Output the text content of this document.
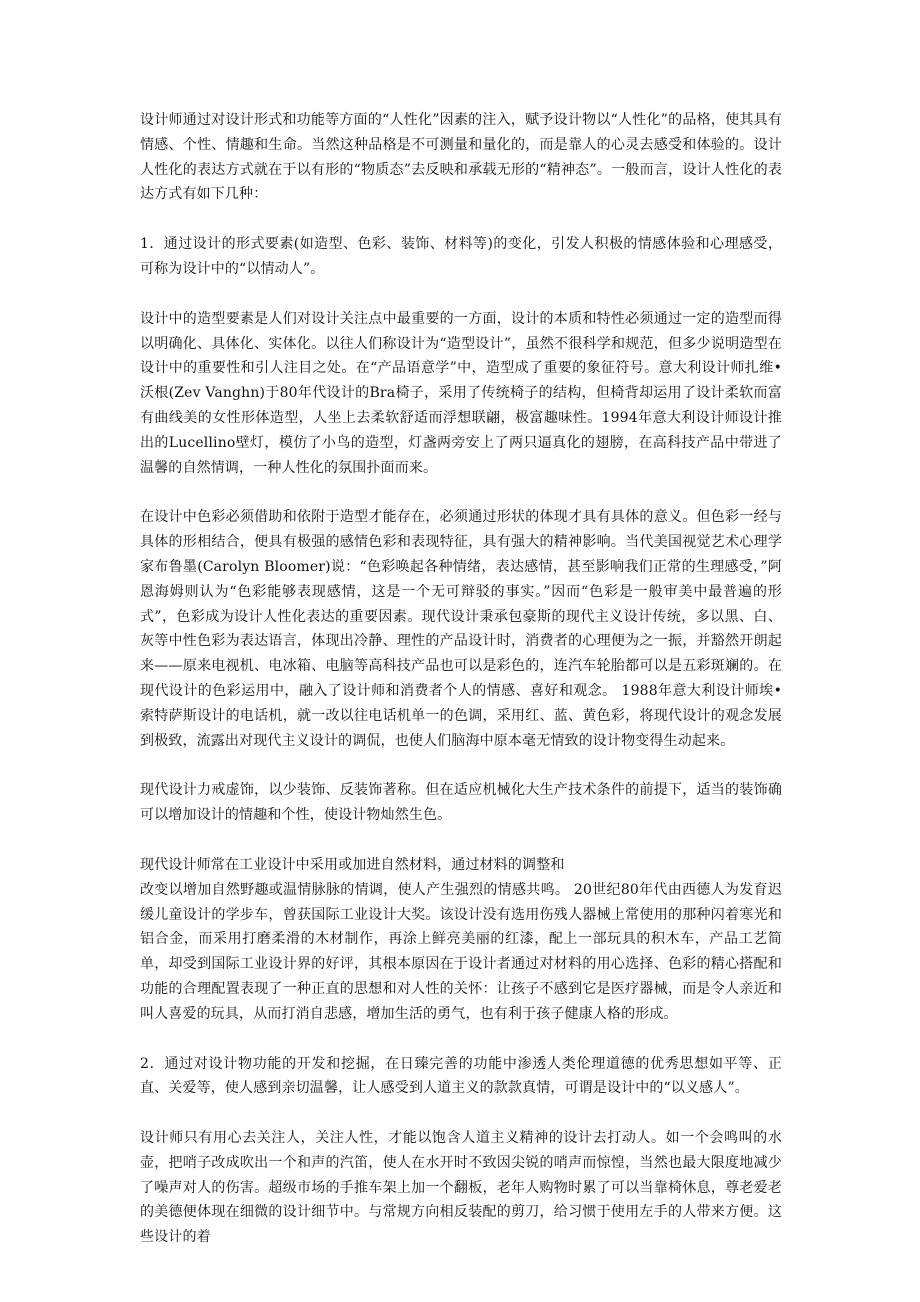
设计师通过对设计形式和功能等方面的“人性化”因素的注入，赋予设计物以“人性化”的品格，使其具有情感、个性、情趣和生命。当然这种品格是不可测量和量化的，而是靠人的心灵去感受和体验的。设计人性化的表达方式就在于以有形的“物质态”去反映和承载无形的“精神态”。一般而言，设计人性化的表达方式有如下几种：

1．通过设计的形式要素(如造型、色彩、装饰、材料等)的变化，引发人积极的情感体验和心理感受，可称为设计中的“以情动人”。

设计中的造型要素是人们对设计关注点中最重要的一方面，设计的本质和特性必须通过一定的造型而得以明确化、具体化、实体化。以往人们称设计为“造型设计”，虽然不很科学和规范，但多少说明造型在设计中的重要性和引人注目之处。在“产品语意学”中，造型成了重要的象征符号。意大利设计师扎维•沃根(Zev Vanghn)于80年代设计的Bra椅子，采用了传统椅子的结构，但椅背却运用了设计柔软而富有曲线美的女性形体造型，人坐上去柔软舒适而浮想联翩，极富趣味性。1994年意大利设计师设计推出的Lucellino壁灯，模仿了小鸟的造型，灯盏两旁安上了两只逼真化的翅膀，在高科技产品中带进了温馨的自然情调，一种人性化的氛围扑面而来。

在设计中色彩必须借助和依附于造型才能存在，必须通过形状的体现才具有具体的意义。但色彩一经与具体的形相结合，便具有极强的感情色彩和表现特征，具有强大的精神影响。当代美国视觉艺术心理学家布鲁墨(Carolyn Bloomer)说：“色彩唤起各种情绪，表达感情，甚至影响我们正常的生理感受，”阿恩海姆则认为“色彩能够表现感情，这是一个无可辩驳的事实。”因而“色彩是一般审美中最普遍的形式”，色彩成为设计人性化表达的重要因素。现代设计秉承包豪斯的现代主义设计传统，多以黑、白、灰等中性色彩为表达语言，体现出冷静、理性的产品设计时，消费者的心理便为之一振，并豁然开朗起来——原来电视机、电冰箱、电脑等高科技产品也可以是彩色的，连汽车轮胎都可以是五彩斑斓的。在现代设计的色彩运用中，融入了设计师和消费者个人的情感、喜好和观念。 1988年意大利设计师埃•索特萨斯设计的电话机，就一改以往电话机单一的色调，采用红、蓝、黄色彩，将现代设计的观念发展到极致，流露出对现代主义设计的调侃，也使人们脑海中原本毫无情致的设计物变得生动起来。

现代设计力戒虚饰，以少装饰、反装饰著称。但在适应机械化大生产技术条件的前提下，适当的装饰确可以增加设计的情趣和个性，使设计物灿然生色。

现代设计师常在工业设计中采用或加进自然材料，通过材料的调整和

改变以增加自然野趣或温情脉脉的情调，使人产生强烈的情感共鸣。 20世纪80年代由西德人为发育迟缓儿童设计的学步车，曾获国际工业设计大奖。该设计没有选用伤残人器械上常使用的那种闪着寒光和铝合金，而采用打磨柔滑的木材制作，再涂上鲜亮美丽的红漆，配上一部玩具的积木车，产品工艺简单，却受到国际工业设计界的好评，其根本原因在于设计者通过对材料的用心选择、色彩的精心搭配和功能的合理配置表现了一种正直的思想和对人性的关怀：让孩子不感到它是医疗器械，而是令人亲近和叫人喜爱的玩具，从而打消自悲感，增加生活的勇气，也有利于孩子健康人格的形成。

2．通过对设计物功能的开发和挖掘，在日臻完善的功能中渗透人类伦理道德的优秀思想如平等、正直、关爱等，使人感到亲切温馨，让人感受到人道主义的款款真情，可谓是设计中的“以义感人”。

设计师只有用心去关注人，关注人性，才能以饱含人道主义精神的设计去打动人。如一个会鸣叫的水壶，把哨子改成吹出一个和声的汽笛，使人在水开时不致因尖锐的哨声而惊惶，当然也最大限度地减少了噪声对人的伤害。超级市场的手推车架上加一个翻板，老年人购物时累了可以当靠椅休息，尊老爱老的美德便体现在细微的设计细节中。与常规方向相反装配的剪刀，给习惯于使用左手的人带来方便。这些设计的着
